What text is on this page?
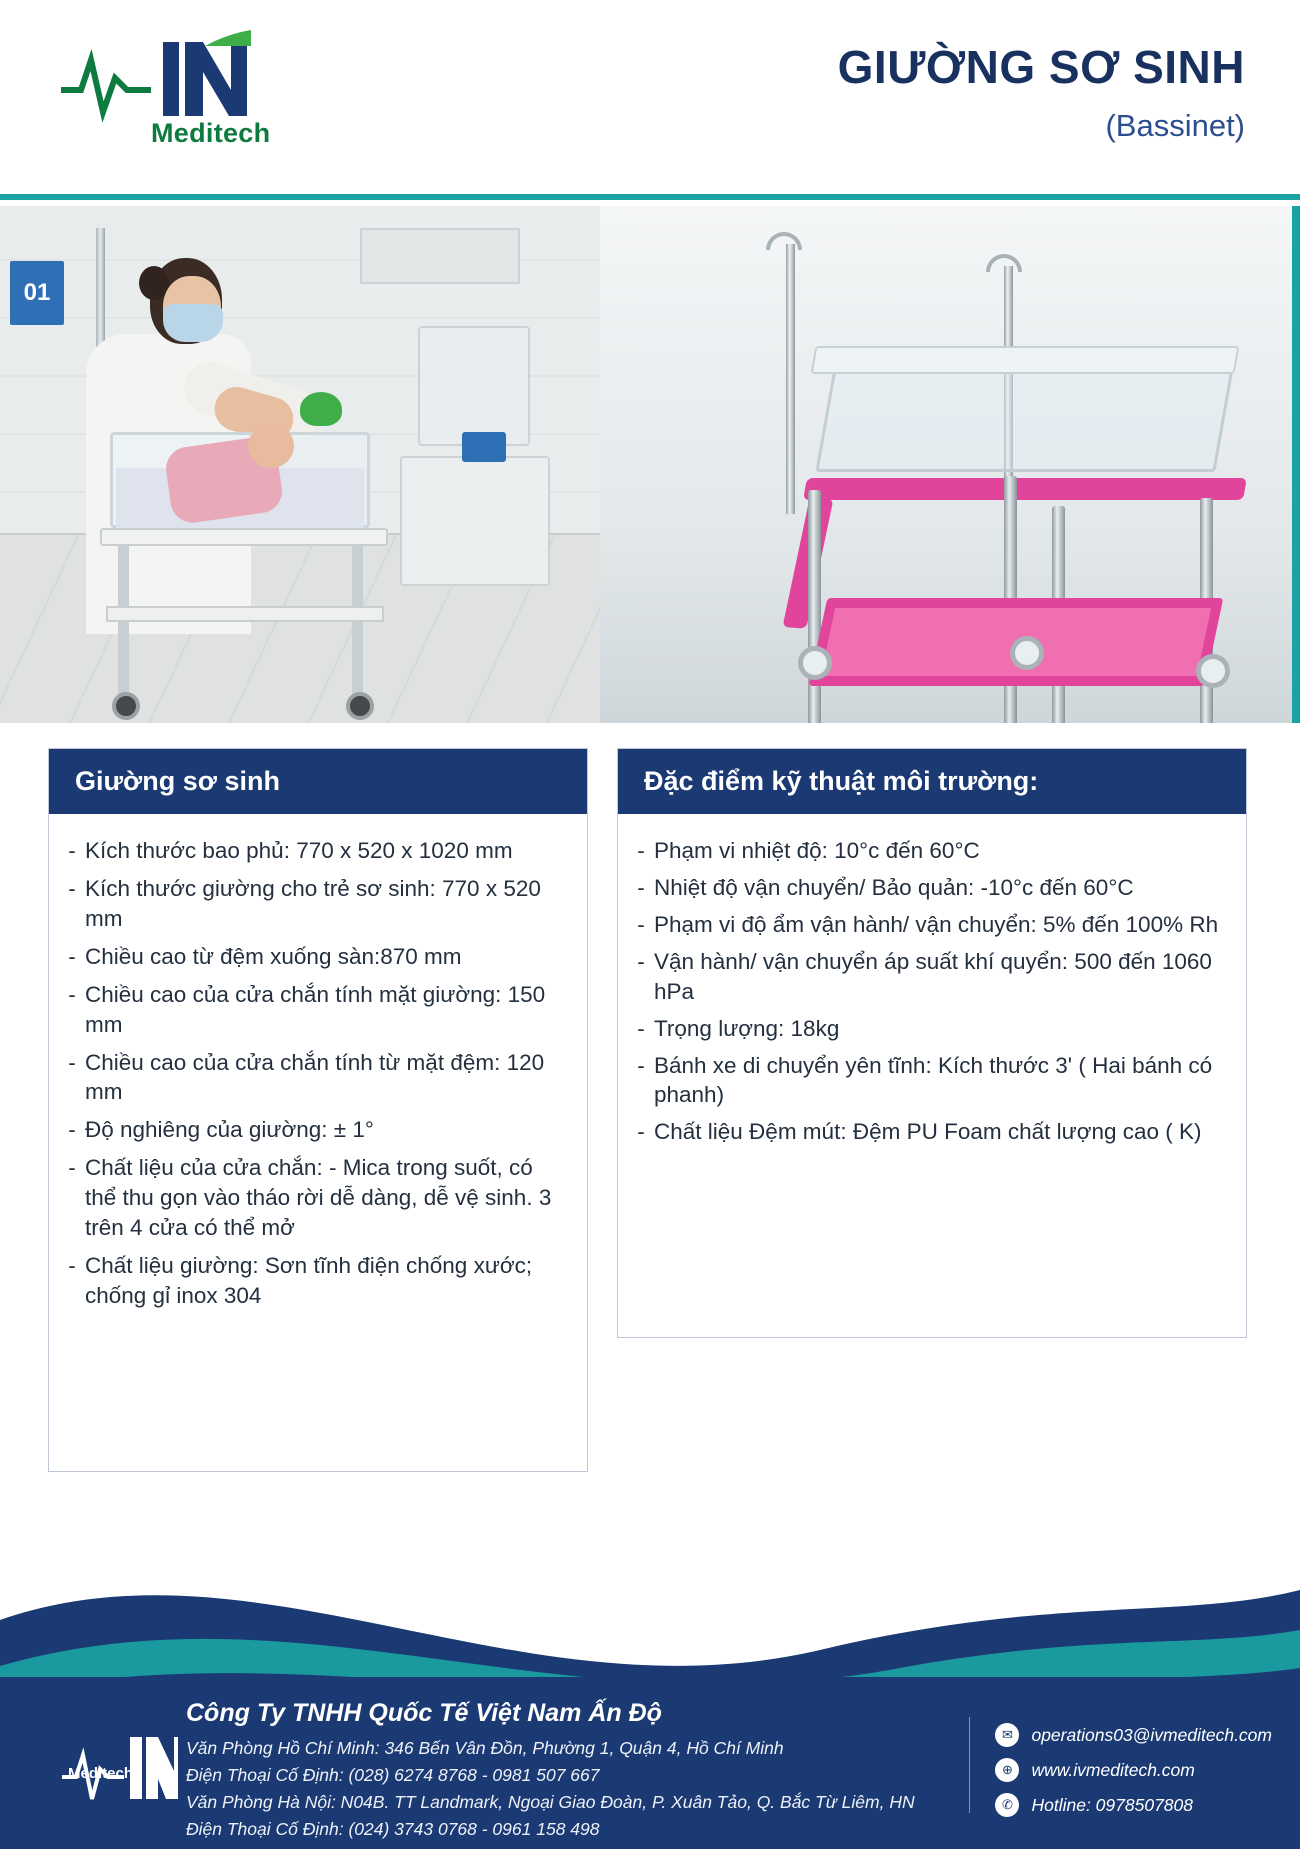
Meditech
GIƯỜNG SƠ SINH
(Bassinet)
01
Giường sơ sinh
- Kích thước bao phủ: 770 x 520 x 1020 mm
- Kích thước giường cho trẻ sơ sinh: 770 x 520 mm
- Chiều cao từ đệm xuống sàn:870 mm
- Chiều cao của cửa chắn tính mặt giường: 150 mm
- Chiều cao của cửa chắn tính từ mặt đệm: 120 mm
- Độ nghiêng của giường: ± 1°
- Chất liệu của cửa chắn: - Mica trong suốt, có thể thu gọn vào tháo rời dễ dàng, dễ vệ sinh. 3 trên 4 cửa có thể mở
- Chất liệu giường: Sơn tĩnh điện chống xước; chống gỉ inox 304
Đặc điểm kỹ thuật môi trường:
- Phạm vi nhiệt độ: 10°c đến 60°C
- Nhiệt độ vận chuyển/ Bảo quản: -10°c đến 60°C
- Phạm vi độ ẩm vận hành/ vận chuyển: 5% đến 100% Rh
- Vận hành/ vận chuyển áp suất khí quyển: 500 đến 1060 hPa
- Trọng lượng: 18kg
- Bánh xe di chuyển yên tĩnh: Kích thước 3' ( Hai bánh có phanh)
- Chất liệu Đệm mút: Đệm PU Foam chất lượng cao ( K)
Meditech
Công Ty TNHH Quốc Tế Việt Nam Ấn Độ
Văn Phòng Hồ Chí Minh: 346 Bến Vân Đồn, Phường 1, Quận 4, Hồ Chí Minh
Điện Thoại Cố Định: (028) 6274 8768 - 0981 507 667
Văn Phòng Hà Nội: N04B. TT Landmark, Ngoại Giao Đoàn, P. Xuân Tảo, Q. Bắc Từ Liêm, HN
Điện Thoại Cố Định: (024) 3743 0768 - 0961 158 498
✉	operations03@ivmeditech.com
⊕	www.ivmeditech.com
✆	Hotline: 0978507808
